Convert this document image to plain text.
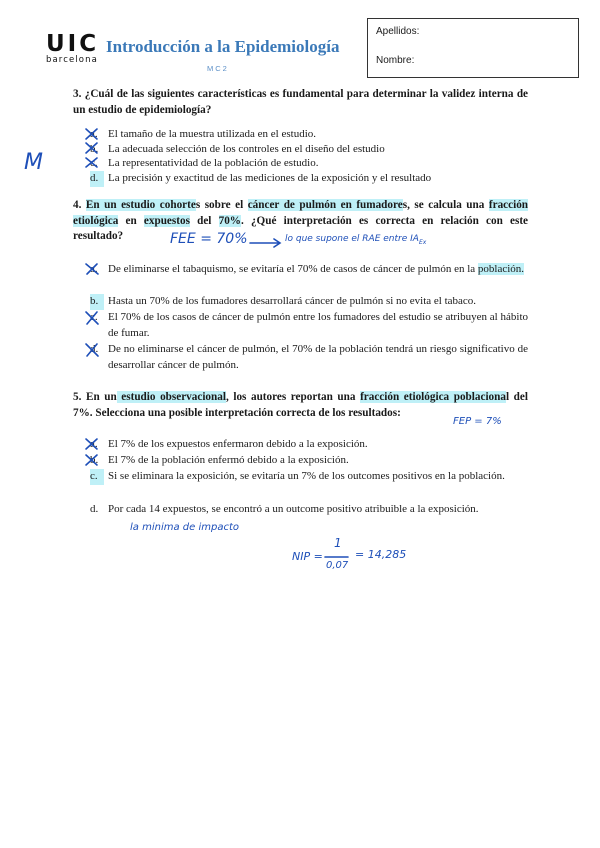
UIC
barcelona
Introducción a la Epidemiología
MC2
Apellidos:
Nombre:
3. ¿Cuál de las siguientes características es fundamental para determinar la validez interna de un estudio de epidemiología?
a. El tamaño de la muestra utilizada en el estudio.
b. La adecuada selección de los controles en el diseño del estudio
c. La representatividad de la población de estudio.
d. La precisión y exactitud de las mediciones de la exposición y el resultado
4. En un estudio cohortes sobre el cáncer de pulmón en fumadores, se calcula una fracción etiológica en expuestos del 70%. ¿Qué interpretación es correcta en relación con este resultado?
a. De eliminarse el tabaquismo, se evitaría el 70% de casos de cáncer de pulmón en la población.
b. Hasta un 70% de los fumadores desarrollará cáncer de pulmón si no evita el tabaco.
c. El 70% de los casos de cáncer de pulmón entre los fumadores del estudio se atribuyen al hábito de fumar.
d. De no eliminarse el cáncer de pulmón, el 70% de la población tendrá un riesgo significativo de desarrollar cáncer de pulmón.
5. En un estudio observacional, los autores reportan una fracción etiológica poblacional del 7%. Selecciona una posible interpretación correcta de los resultados:
a. El 7% de los expuestos enfermaron debido a la exposición.
b. El 7% de la población enfermó debido a la exposición.
c. Si se eliminara la exposición, se evitaría un 7% de los outcomes positivos en la población.
d. Por cada 14 expuestos, se encontró a un outcome positivo atribuible a la exposición.
M
FEE = 70%	lo que supone el RAE entre $IA_{Ex}$
FEP = 7%
la minima de impacto
NIP =
1
0,07
= 14,285
